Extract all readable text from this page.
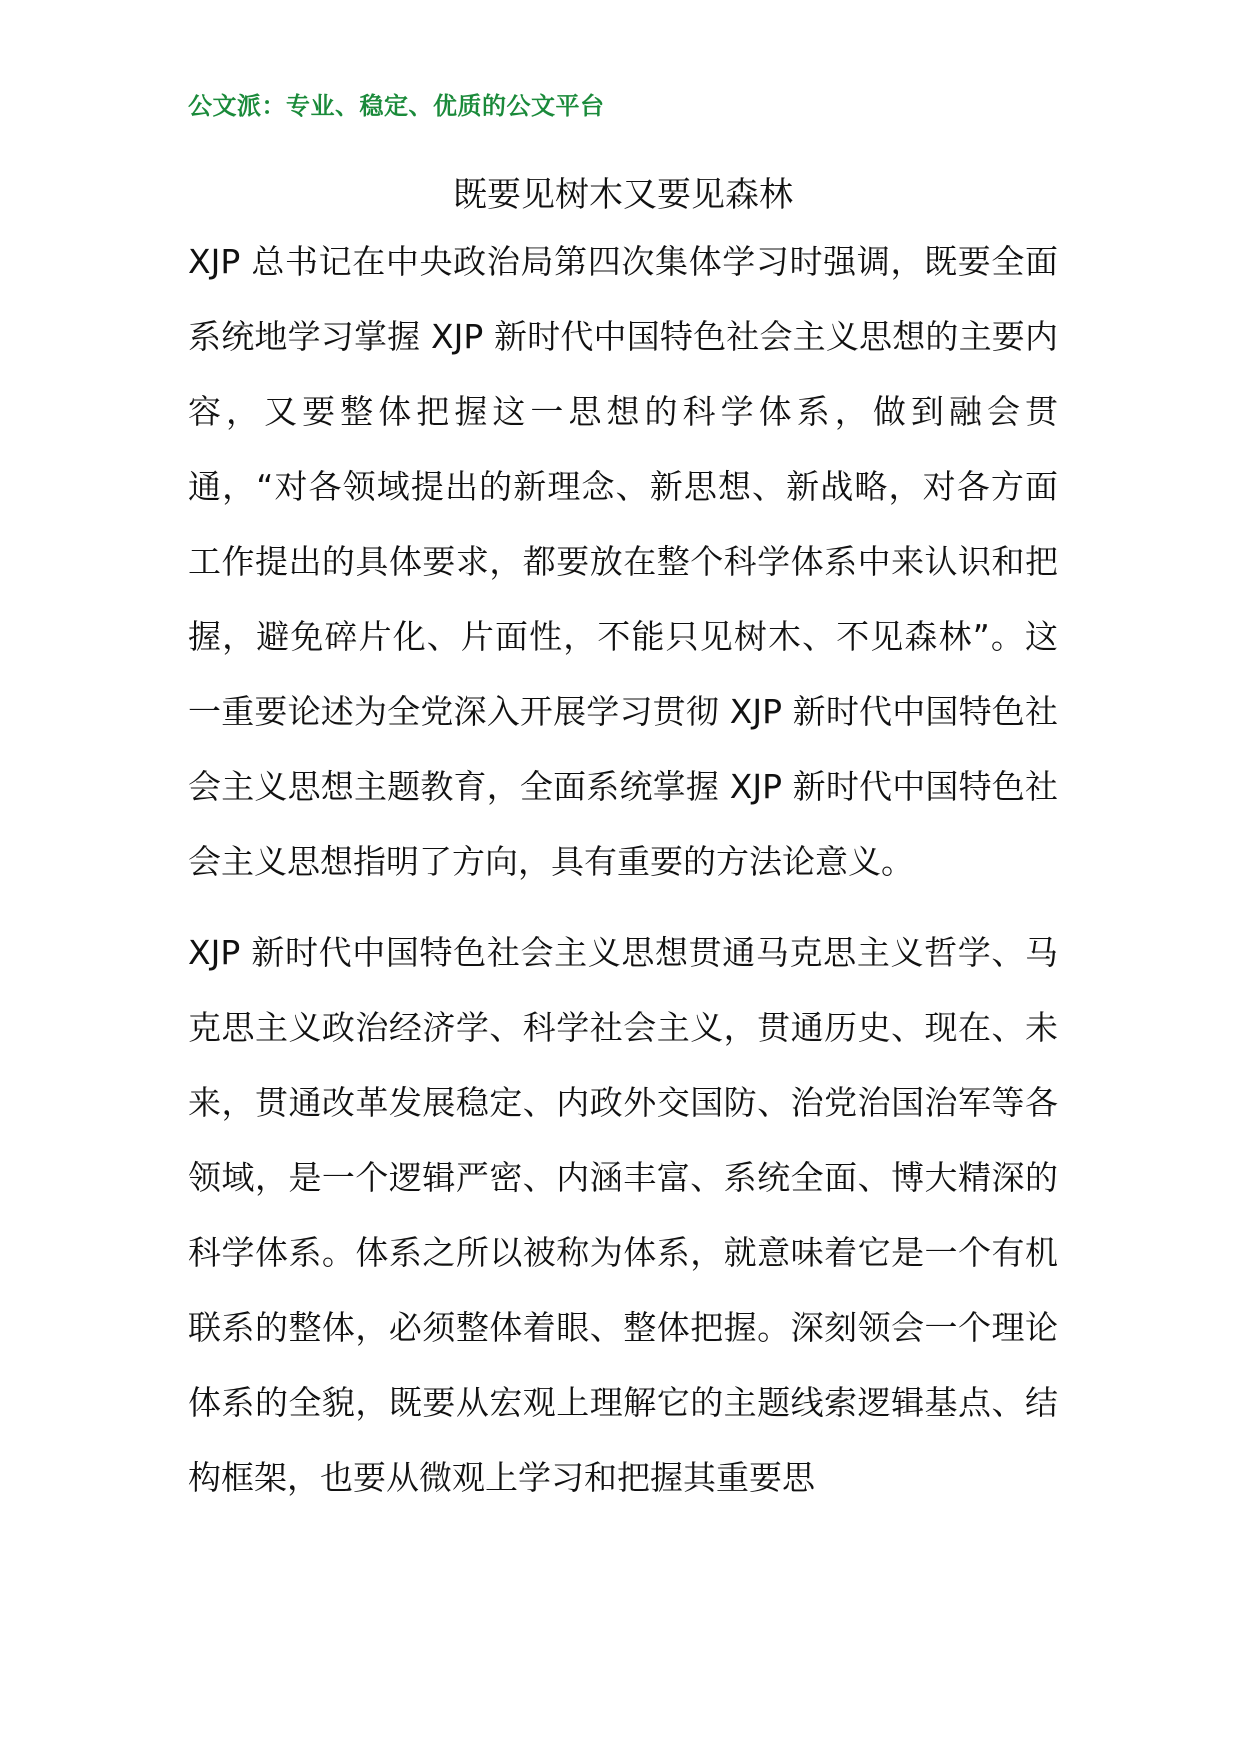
公文派：专业、稳定、优质的公文平台
既要见树木又要见森林

XJP 总书记在中央政治局第四次集体学习时强调，既要全面系统地学习掌握 XJP 新时代中国特色社会主义思想的主要内容，又要整体把握这一思想的科学体系，做到融会贯通，“对各领域提出的新理念、新思想、新战略，对各方面工作提出的具体要求，都要放在整个科学体系中来认识和把握，避免碎片化、片面性，不能只见树木、不见森林”。这一重要论述为全党深入开展学习贯彻 XJP 新时代中国特色社会主义思想主题教育，全面系统掌握 XJP 新时代中国特色社会主义思想指明了方向，具有重要的方法论意义。

XJP 新时代中国特色社会主义思想贯通马克思主义哲学、马克思主义政治经济学、科学社会主义，贯通历史、现在、未来，贯通改革发展稳定、内政外交国防、治党治国治军等各领域，是一个逻辑严密、内涵丰富、系统全面、博大精深的科学体系。体系之所以被称为体系，就意味着它是一个有机联系的整体，必须整体着眼、整体把握。深刻领会一个理论体系的全貌，既要从宏观上理解它的主题线索逻辑基点、结构框架，也要从微观上学习和把握其重要思
